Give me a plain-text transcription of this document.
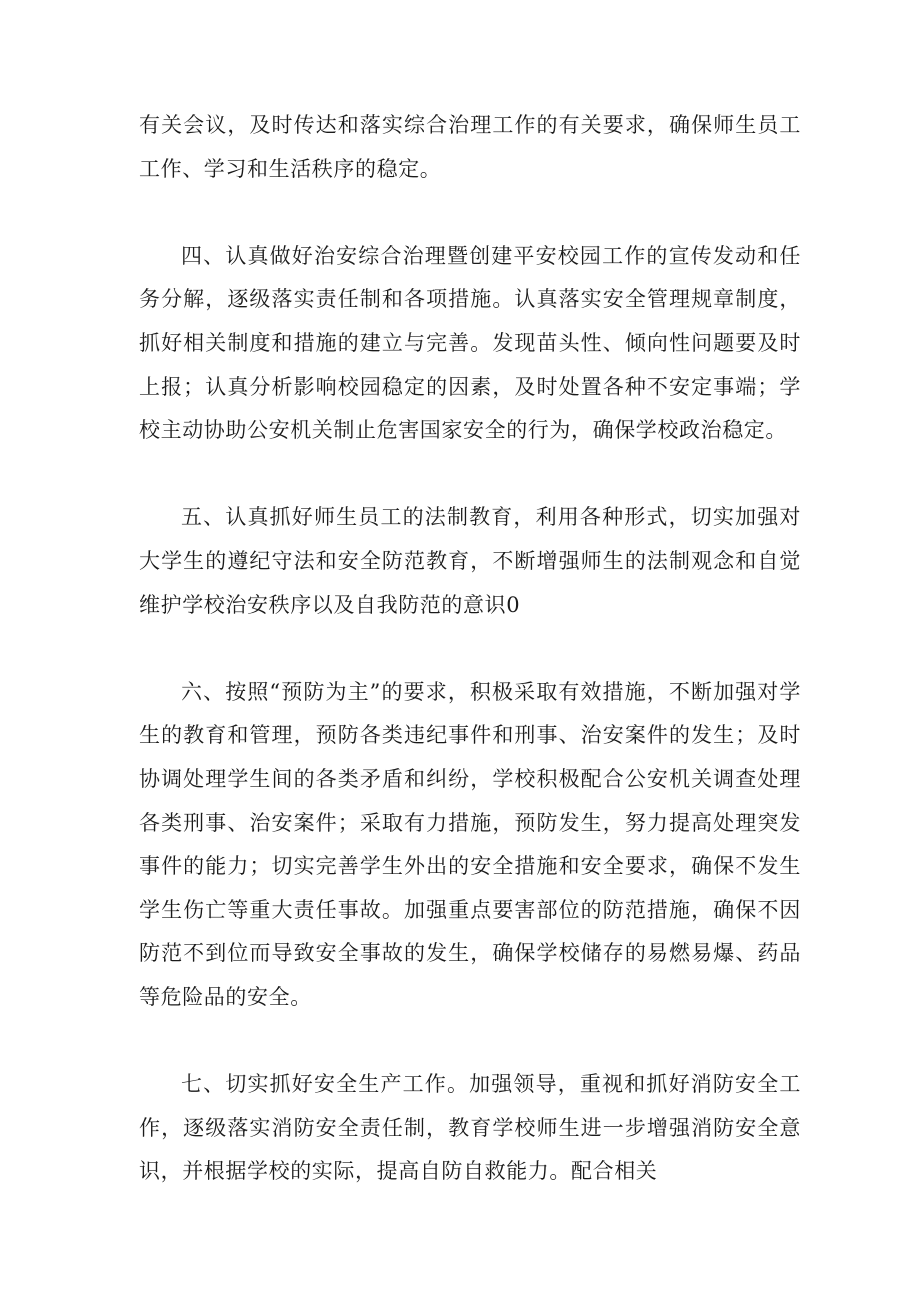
有关会议，及时传达和落实综合治理工作的有关要求，确保师生员工工作、学习和生活秩序的稳定。

四、认真做好治安综合治理暨创建平安校园工作的宣传发动和任务分解，逐级落实责任制和各项措施。认真落实安全管理规章制度，抓好相关制度和措施的建立与完善。发现苗头性、倾向性问题要及时上报；认真分析影响校园稳定的因素，及时处置各种不安定事端；学校主动协助公安机关制止危害国家安全的行为，确保学校政治稳定。

五、认真抓好师生员工的法制教育，利用各种形式，切实加强对大学生的遵纪守法和安全防范教育，不断增强师生的法制观念和自觉维护学校治安秩序以及自我防范的意识0

六、按照“预防为主”的要求，积极采取有效措施，不断加强对学生的教育和管理，预防各类违纪事件和刑事、治安案件的发生；及时协调处理学生间的各类矛盾和纠纷，学校积极配合公安机关调查处理各类刑事、治安案件；采取有力措施，预防发生，努力提高处理突发事件的能力；切实完善学生外出的安全措施和安全要求，确保不发生学生伤亡等重大责任事故。加强重点要害部位的防范措施，确保不因防范不到位而导致安全事故的发生，确保学校储存的易燃易爆、药品等危险品的安全。

七、切实抓好安全生产工作。加强领导，重视和抓好消防安全工作，逐级落实消防安全责任制，教育学校师生进一步增强消防安全意识，并根据学校的实际，提高自防自救能力。配合相关
